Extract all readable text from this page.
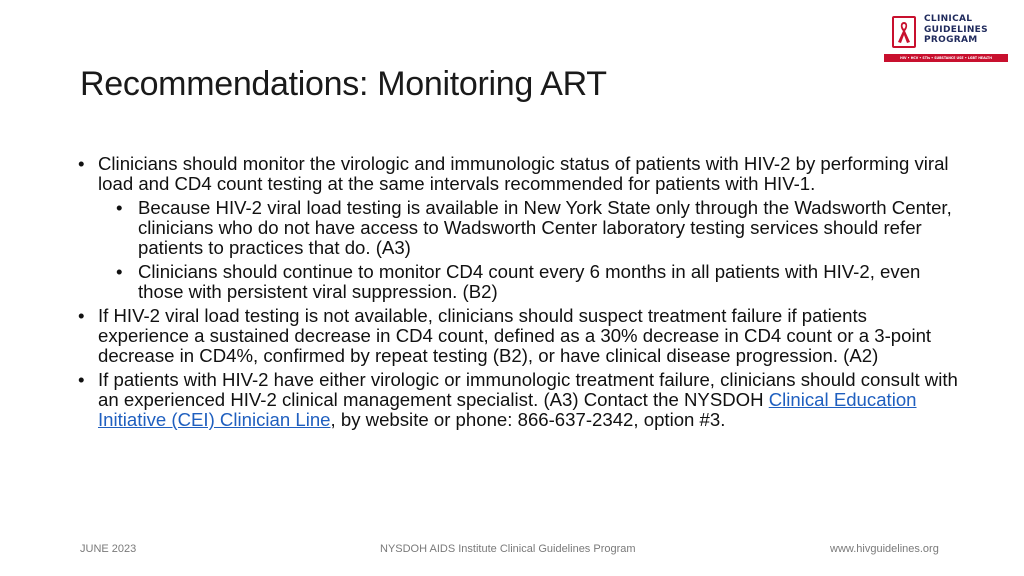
Recommendations: Monitoring ART
CLINICAL
GUIDELINES
PROGRAM
HIV • HCV • STIs • SUBSTANCE USE • LGBT HEALTH
• Clinicians should monitor the virologic and immunologic status of patients with HIV-2 by performing viral load and CD4 count testing at the same intervals recommended for patients with HIV-1.
• Because HIV-2 viral load testing is available in New York State only through the Wadsworth Center, clinicians who do not have access to Wadsworth Center laboratory testing services should refer patients to practices that do. (A3)
• Clinicians should continue to monitor CD4 count every 6 months in all patients with HIV-2, even those with persistent viral suppression. (B2)
• If HIV-2 viral load testing is not available, clinicians should suspect treatment failure if patients experience a sustained decrease in CD4 count, defined as a 30% decrease in CD4 count or a 3-point decrease in CD4%, confirmed by repeat testing (B2), or have clinical disease progression. (A2)
• If patients with HIV-2 have either virologic or immunologic treatment failure, clinicians should consult with an experienced HIV-2 clinical management specialist. (A3) Contact the NYSDOH Clinical Education Initiative (CEI) Clinician Line, by website or phone: 866-637-2342, option #3.
JUNE 2023	NYSDOH AIDS Institute Clinical Guidelines Program	www.hivguidelines.org
